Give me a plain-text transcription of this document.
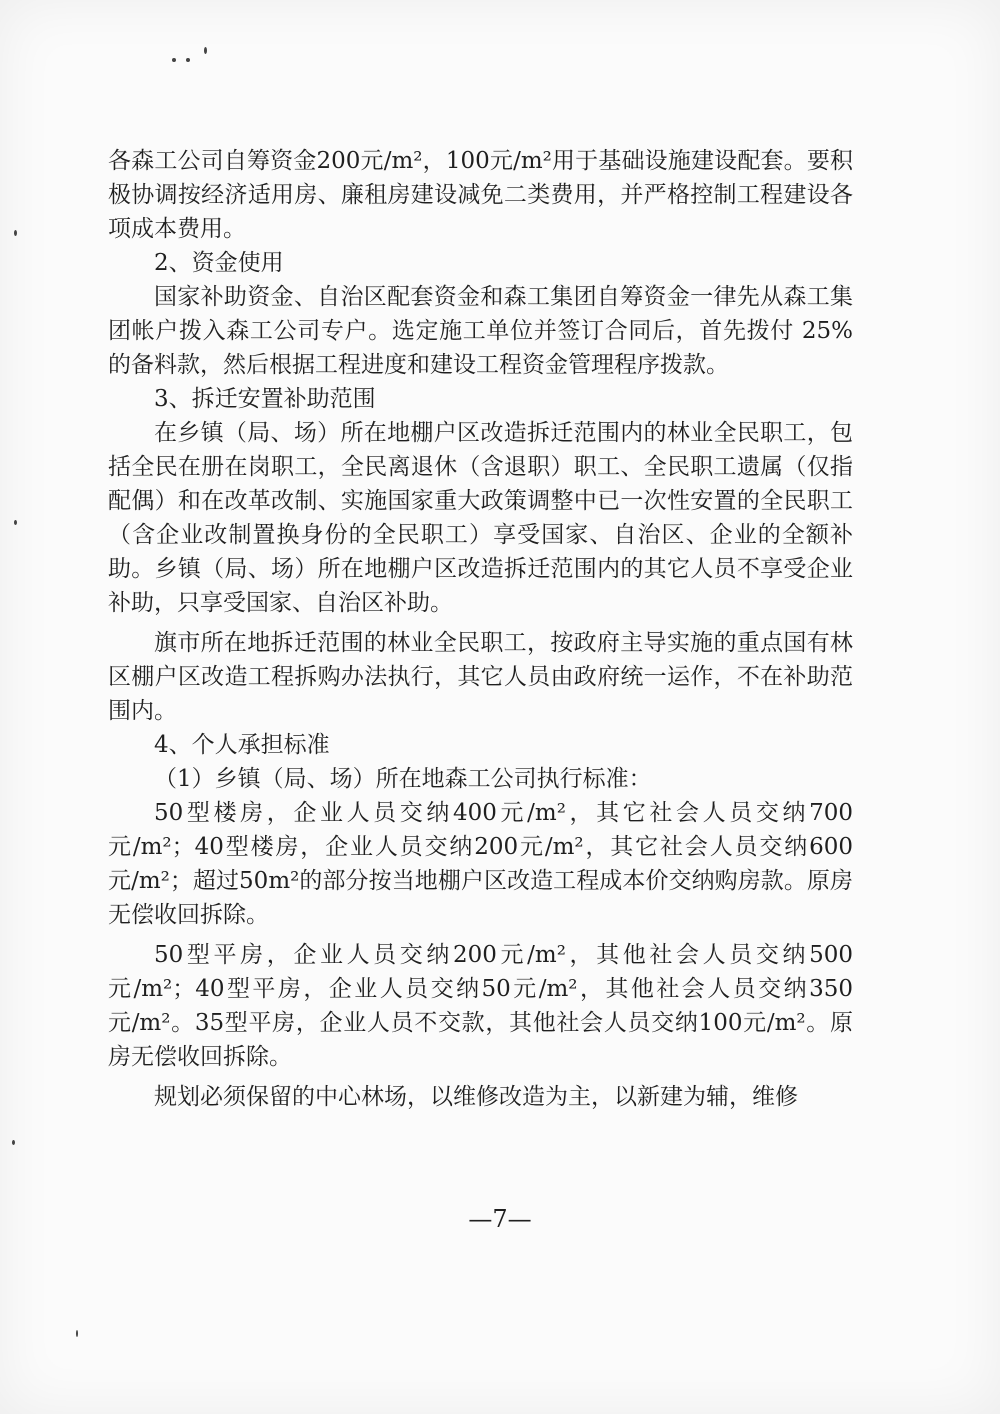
各森工公司自筹资金200元/m²，100元/m²用于基础设施建设配套。要积极协调按经济适用房、廉租房建设减免二类费用，并严格控制工程建设各项成本费用。

2、资金使用

国家补助资金、自治区配套资金和森工集团自筹资金一律先从森工集团帐户拨入森工公司专户。选定施工单位并签订合同后，首先拨付 25%的备料款，然后根据工程进度和建设工程资金管理程序拨款。

3、拆迁安置补助范围

在乡镇（局、场）所在地棚户区改造拆迁范围内的林业全民职工，包括全民在册在岗职工，全民离退休（含退职）职工、全民职工遗属（仅指配偶）和在改革改制、实施国家重大政策调整中已一次性安置的全民职工（含企业改制置换身份的全民职工）享受国家、自治区、企业的全额补助。乡镇（局、场）所在地棚户区改造拆迁范围内的其它人员不享受企业补助，只享受国家、自治区补助。

旗市所在地拆迁范围的林业全民职工，按政府主导实施的重点国有林区棚户区改造工程拆购办法执行，其它人员由政府统一运作，不在补助范围内。

4、个人承担标准

（1）乡镇（局、场）所在地森工公司执行标准：

50型楼房，企业人员交纳400元/m²，其它社会人员交纳700元/m²；40型楼房，企业人员交纳200元/m²，其它社会人员交纳600元/m²；超过50m²的部分按当地棚户区改造工程成本价交纳购房款。原房无偿收回拆除。

50型平房，企业人员交纳200元/m²，其他社会人员交纳500元/m²；40型平房，企业人员交纳50元/m²，其他社会人员交纳350元/m²。35型平房，企业人员不交款，其他社会人员交纳100元/m²。原房无偿收回拆除。

规划必须保留的中心林场，以维修改造为主，以新建为辅，维修

—7—
